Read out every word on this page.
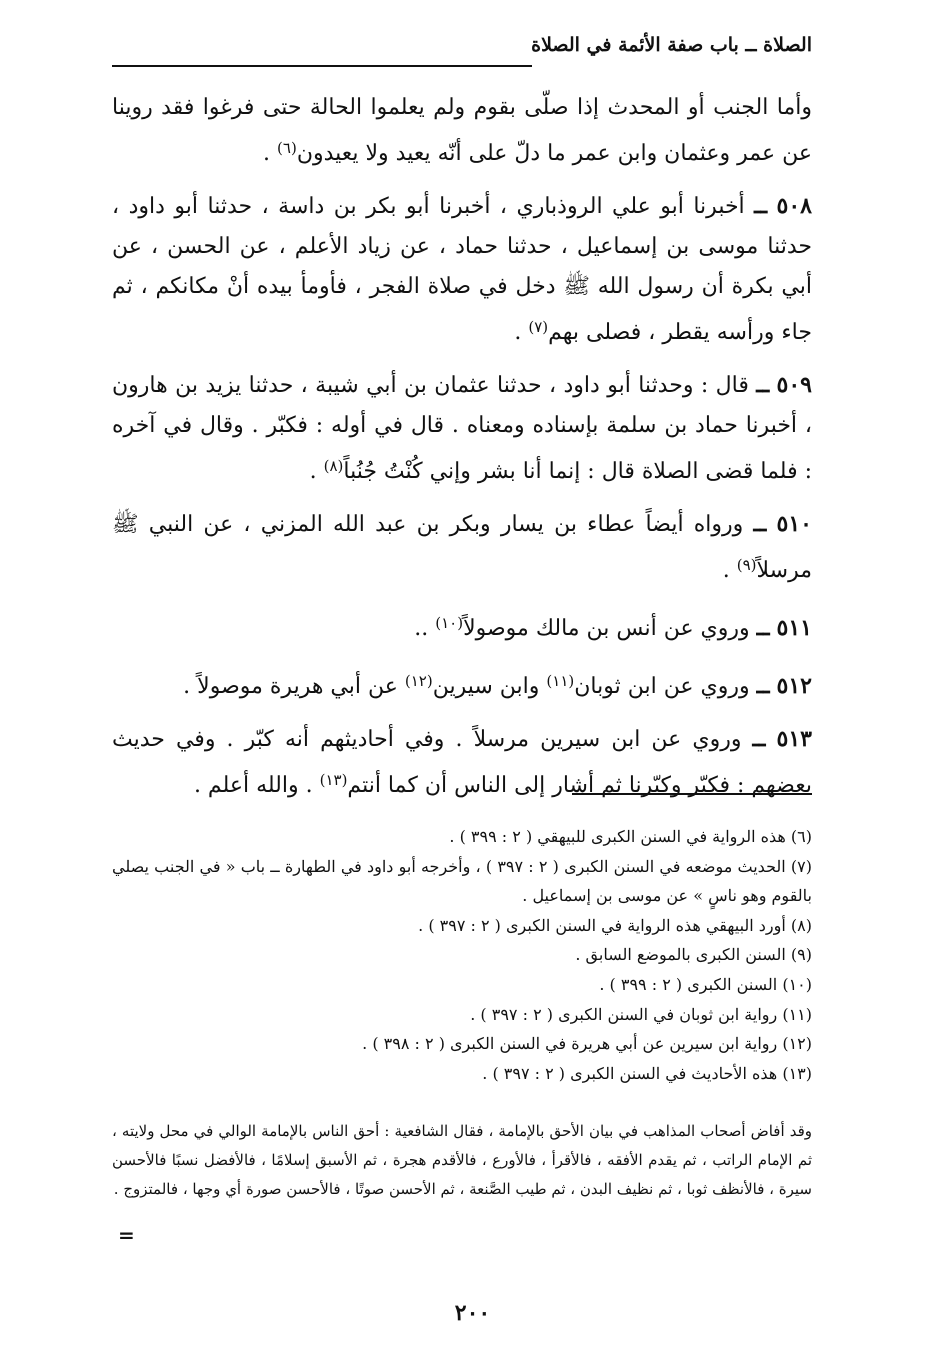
الصلاة ــ باب صفة الأئمة في الصلاة

وأما الجنب أو المحدث إذا صلّى بقوم ولم يعلموا الحالة حتى فرغوا فقد روينا عن عمر وعثمان وابن عمر ما دلّ على أنّه يعيد ولا يعيدون$^{(٦)}$ .

٥٠٨ ــ أخبرنا أبو علي الروذباري ، أخبرنا أبو بكر بن داسة ، حدثنا أبو داود ، حدثنا موسى بن إسماعيل ، حدثنا حماد ، عن زياد الأعلم ، عن الحسن ، عن أبي بكرة أن رسول الله ﷺ دخل في صلاة الفجر ، فأومأ بيده أنْ مكانكم ، ثم جاء ورأسه يقطر ، فصلى بهم$^{(٧)}$ .

٥٠٩ ــ قال : وحدثنا أبو داود ، حدثنا عثمان بن أبي شيبة ، حدثنا يزيد بن هارون ، أخبرنا حماد بن سلمة بإسناده ومعناه . قال في أوله : فكبّر . وقال في آخره : فلما قضى الصلاة قال : إنما أنا بشر وإني كُنْتُ جُنُباً$^{(٨)}$ .

٥١٠ ــ ورواه أيضاً عطاء بن يسار وبكر بن عبد الله المزني ، عن النبي ﷺ مرسلاً$^{(٩)}$ .

٥١١ ــ وروي عن أنس بن مالك موصولاً$^{(١٠)}$ ..

٥١٢ ــ وروي عن ابن ثوبان$^{(١١)}$ وابن سيرين$^{(١٢)}$ عن أبي هريرة موصولاً .

٥١٣ ــ وروي عن ابن سيرين مرسلاً . وفي أحاديثهم أنه كبّر . وفي حديث بعضهم : فكبّر وكبّرنا ثم أشار إلى الناس أن كما أنتم$^{(١٣)}$ . والله أعلم .

(٦) هذه الرواية في السنن الكبرى للبيهقي ( ٢ : ٣٩٩ ) .

(٧) الحديث موضعه في السنن الكبرى ( ٢ : ٣٩٧ ) ، وأخرجه أبو داود في الطهارة ــ باب « في الجنب يصلي بالقوم وهو ناسٍ » عن موسى بن إسماعيل .

(٨) أورد البيهقي هذه الرواية في السنن الكبرى ( ٢ : ٣٩٧ ) .

(٩) السنن الكبرى بالموضع السابق .

(١٠) السنن الكبرى ( ٢ : ٣٩٩ ) .

(١١) رواية ابن ثوبان في السنن الكبرى ( ٢ : ٣٩٧ ) .

(١٢) رواية ابن سيرين عن أبي هريرة في السنن الكبرى ( ٢ : ٣٩٨ ) .

(١٣) هذه الأحاديث في السنن الكبرى ( ٢ : ٣٩٧ ) .

وقد أفاض أصحاب المذاهب في بيان الأحق بالإمامة ، فقال الشافعية : أحق الناس بالإمامة الوالي في محل ولايته ، ثم الإمام الراتب ، ثم يقدم الأفقه ، فالأقرأ ، فالأورع ، فالأقدم هجرة ، ثم الأسبق إسلامًا ، فالأفضل نسبًا فالأحسن سيرة ، فالأنظف ثوبا ، ثم نظيف البدن ، ثم طيب الصَّنعة ، ثم الأحسن صوتًا ، فالأحسن صورة أي وجها ، فالمتزوج .
=
٢٠٠
